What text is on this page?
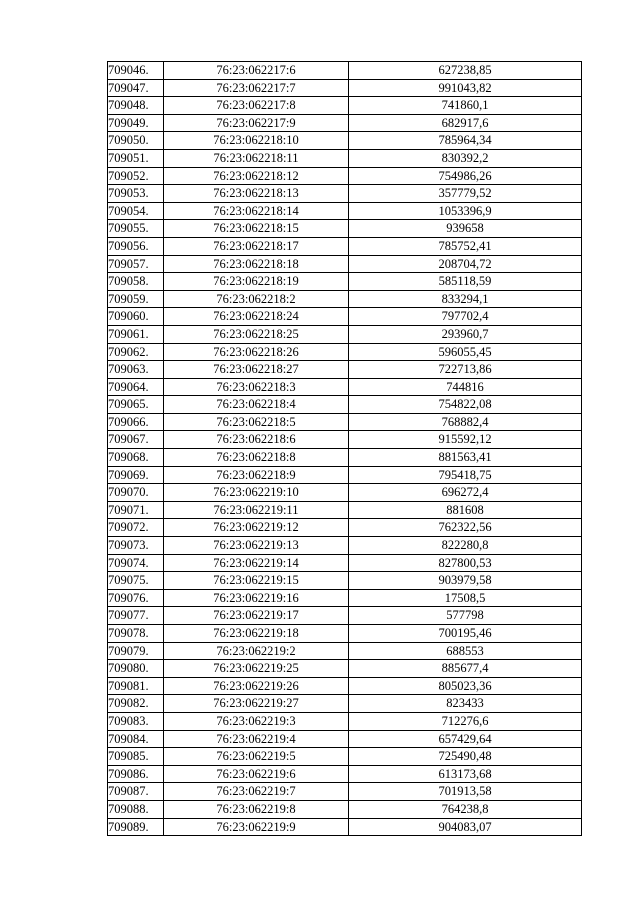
709046.	76:23:062217:6	627238,85
709047.	76:23:062217:7	991043,82
709048.	76:23:062217:8	741860,1
709049.	76:23:062217:9	682917,6
709050.	76:23:062218:10	785964,34
709051.	76:23:062218:11	830392,2
709052.	76:23:062218:12	754986,26
709053.	76:23:062218:13	357779,52
709054.	76:23:062218:14	1053396,9
709055.	76:23:062218:15	939658
709056.	76:23:062218:17	785752,41
709057.	76:23:062218:18	208704,72
709058.	76:23:062218:19	585118,59
709059.	76:23:062218:2	833294,1
709060.	76:23:062218:24	797702,4
709061.	76:23:062218:25	293960,7
709062.	76:23:062218:26	596055,45
709063.	76:23:062218:27	722713,86
709064.	76:23:062218:3	744816
709065.	76:23:062218:4	754822,08
709066.	76:23:062218:5	768882,4
709067.	76:23:062218:6	915592,12
709068.	76:23:062218:8	881563,41
709069.	76:23:062218:9	795418,75
709070.	76:23:062219:10	696272,4
709071.	76:23:062219:11	881608
709072.	76:23:062219:12	762322,56
709073.	76:23:062219:13	822280,8
709074.	76:23:062219:14	827800,53
709075.	76:23:062219:15	903979,58
709076.	76:23:062219:16	17508,5
709077.	76:23:062219:17	577798
709078.	76:23:062219:18	700195,46
709079.	76:23:062219:2	688553
709080.	76:23:062219:25	885677,4
709081.	76:23:062219:26	805023,36
709082.	76:23:062219:27	823433
709083.	76:23:062219:3	712276,6
709084.	76:23:062219:4	657429,64
709085.	76:23:062219:5	725490,48
709086.	76:23:062219:6	613173,68
709087.	76:23:062219:7	701913,58
709088.	76:23:062219:8	764238,8
709089.	76:23:062219:9	904083,07
